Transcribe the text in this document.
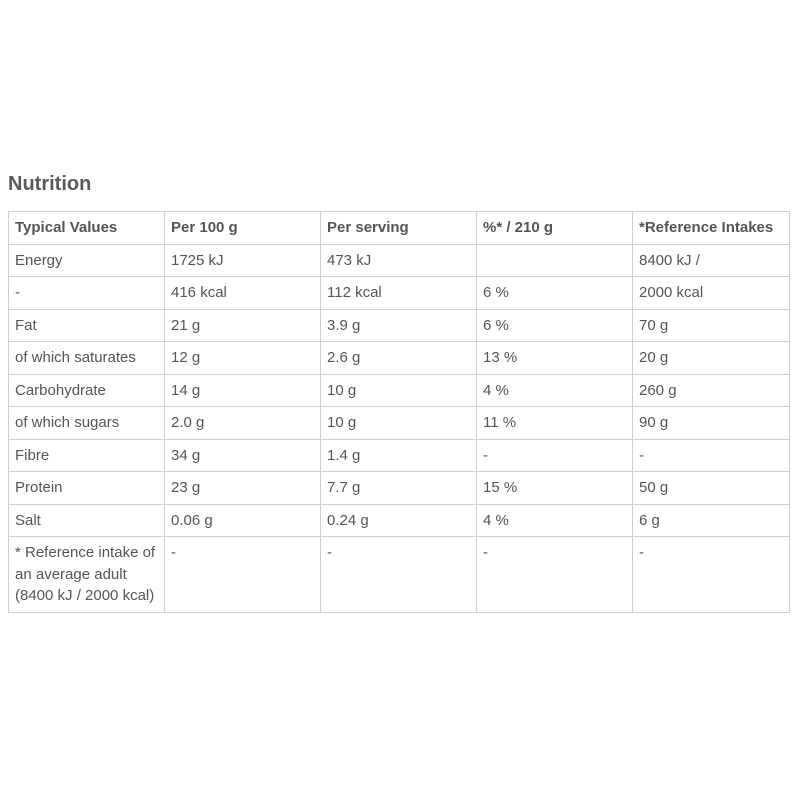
Nutrition
Typical Values	Per 100 g	Per serving	%* / 210 g	*Reference Intakes
Energy	1725 kJ	473 kJ		8400 kJ /
-	416 kcal	112 kcal	6 %	2000 kcal
Fat	21 g	3.9 g	6 %	70 g
of which saturates	12 g	2.6 g	13 %	20 g
Carbohydrate	14 g	10 g	4 %	260 g
of which sugars	2.0 g	10 g	11 %	90 g
Fibre	34 g	1.4 g	-	-
Protein	23 g	7.7 g	15 %	50 g
Salt	0.06 g	0.24 g	4 %	6 g
* Reference intake of an average adult (8400 kJ / 2000 kcal)	-	-	-	-
